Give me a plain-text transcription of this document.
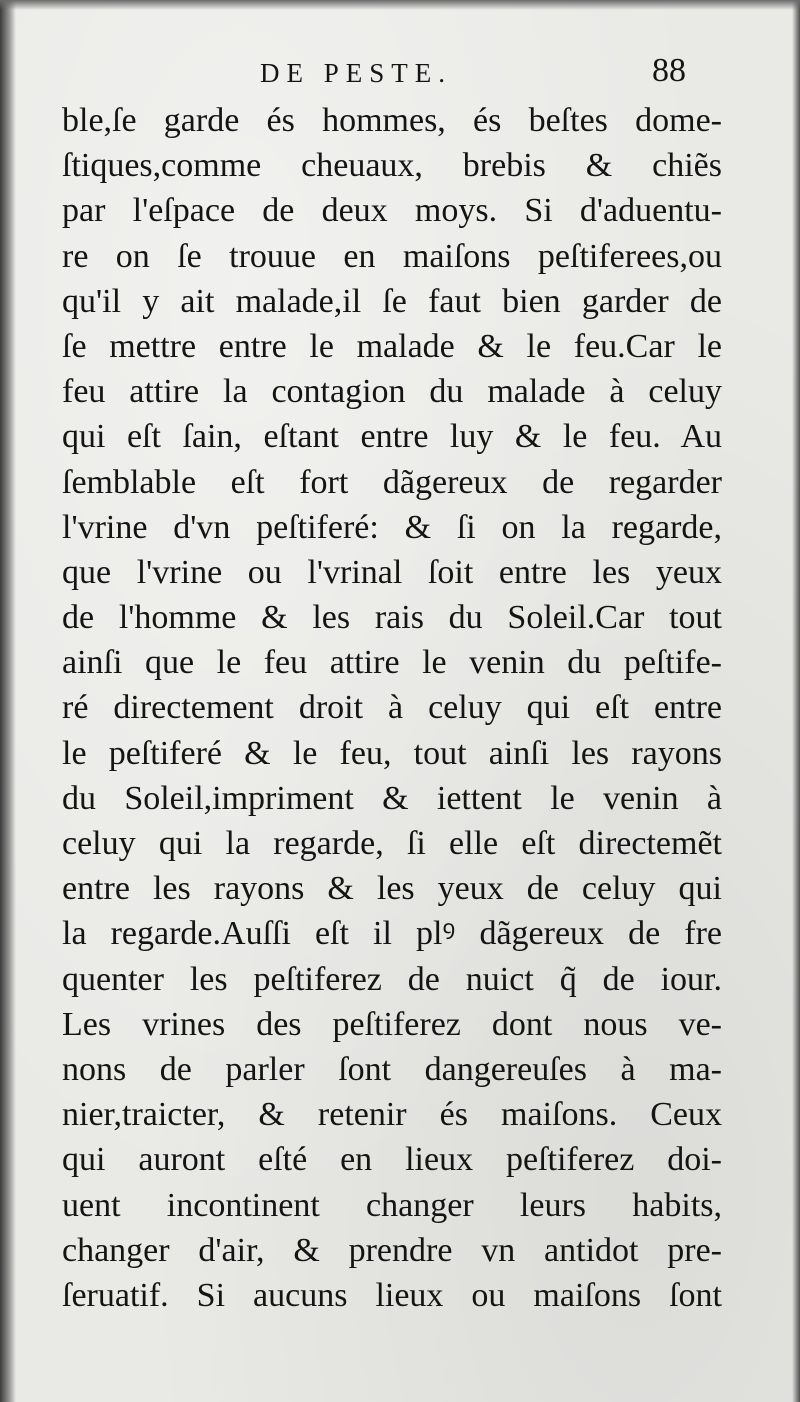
DE PESTE.	88
ble,ſe garde és hommes, és beſtes dome-
ſtiques,comme cheuaux, brebis & chiẽs
par l'eſpace de deux moys. Si d'aduentu-
re on ſe trouue en maiſons peſtiferees,ou
qu'il y ait malade,il ſe faut bien garder de
ſe mettre entre le malade & le feu.Car le
feu attire la contagion du malade à celuy
qui eſt ſain, eſtant entre luy & le feu. Au
ſemblable eſt fort dãgereux de regarder
l'vrine d'vn peſtiferé: & ſi on la regarde,
que l'vrine ou l'vrinal ſoit entre les yeux
de l'homme & les rais du Soleil.Car tout
ainſi que le feu attire le venin du peſtife-
ré directement droit à celuy qui eſt entre
le peſtiferé & le feu, tout ainſi les rayons
du Soleil,impriment & iettent le venin à
celuy qui la regarde, ſi elle eſt directemẽt
entre les rayons & les yeux de celuy qui
la regarde.Auſſi eſt il plꝰ dãgereux de fre
quenter les peſtiferez de nuict q̃ de iour.
Les vrines des peſtiferez dont nous ve-
nons de parler ſont dangereuſes à ma-
nier,traicter, & retenir és maiſons. Ceux
qui auront eſté en lieux peſtiferez doi-
uent incontinent changer leurs habits,
changer d'air, & prendre vn antidot pre-
ſeruatif. Si aucuns lieux ou maiſons ſont
